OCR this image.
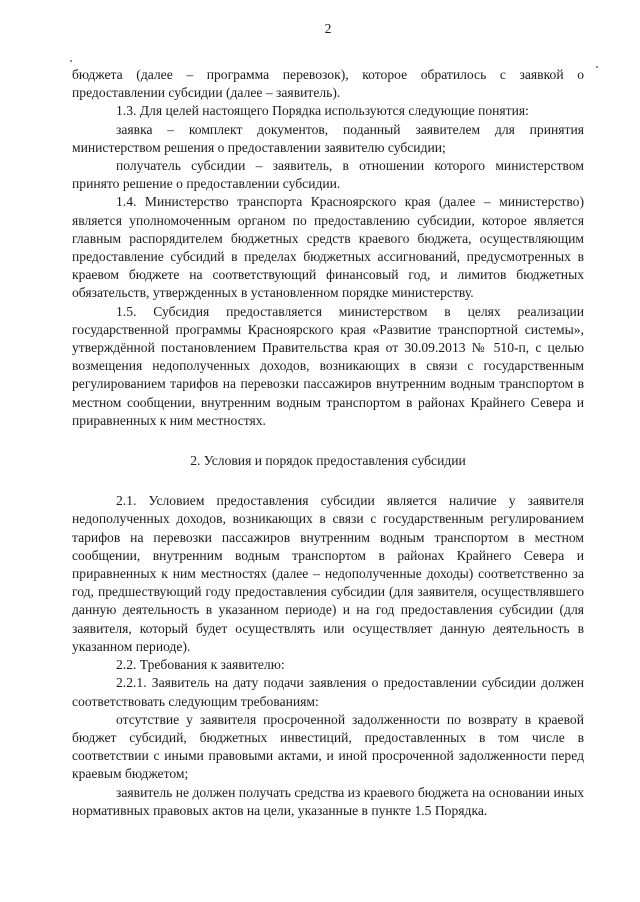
2

бюджета (далее – программа перевозок), которое обратилось с заявкой о предоставлении субсидии (далее – заявитель).

1.3. Для целей настоящего Порядка используются следующие понятия:

заявка – комплект документов, поданный заявителем для принятия министерством решения о предоставлении заявителю субсидии;

получатель субсидии – заявитель, в отношении которого министерством принято решение о предоставлении субсидии.

1.4. Министерство транспорта Красноярского края (далее – министерство) является уполномоченным органом по предоставлению субсидии, которое является главным распорядителем бюджетных средств краевого бюджета, осуществляющим предоставление субсидий в пределах бюджетных ассигнований, предусмотренных в краевом бюджете на соответствующий финансовый год, и лимитов бюджетных обязательств, утвержденных в установленном порядке министерству.

1.5. Субсидия предоставляется министерством в целях реализации государственной программы Красноярского края «Развитие транспортной системы», утверждённой постановлением Правительства края от 30.09.2013 № 510-п, с целью возмещения недополученных доходов, возникающих в связи с государственным регулированием тарифов на перевозки пассажиров внутренним водным транспортом в местном сообщении, внутренним водным транспортом в районах Крайнего Севера и приравненных к ним местностях.

2. Условия и порядок предоставления субсидии

2.1. Условием предоставления субсидии является наличие у заявителя недополученных доходов, возникающих в связи с государственным регулированием тарифов на перевозки пассажиров внутренним водным транспортом в местном сообщении, внутренним водным транспортом в районах Крайнего Севера и приравненных к ним местностях (далее – недополученные доходы) соответственно за год, предшествующий году предоставления субсидии (для заявителя, осуществлявшего данную деятельность в указанном периоде) и на год предоставления субсидии (для заявителя, который будет осуществлять или осуществляет данную деятельность в указанном периоде).

2.2. Требования к заявителю:

2.2.1. Заявитель на дату подачи заявления о предоставлении субсидии должен соответствовать следующим требованиям:

отсутствие у заявителя просроченной задолженности по возврату в краевой бюджет субсидий, бюджетных инвестиций, предоставленных в том числе в соответствии с иными правовыми актами, и иной просроченной задолженности перед краевым бюджетом;

заявитель не должен получать средства из краевого бюджета на основании иных нормативных правовых актов на цели, указанные в пункте 1.5 Порядка.
